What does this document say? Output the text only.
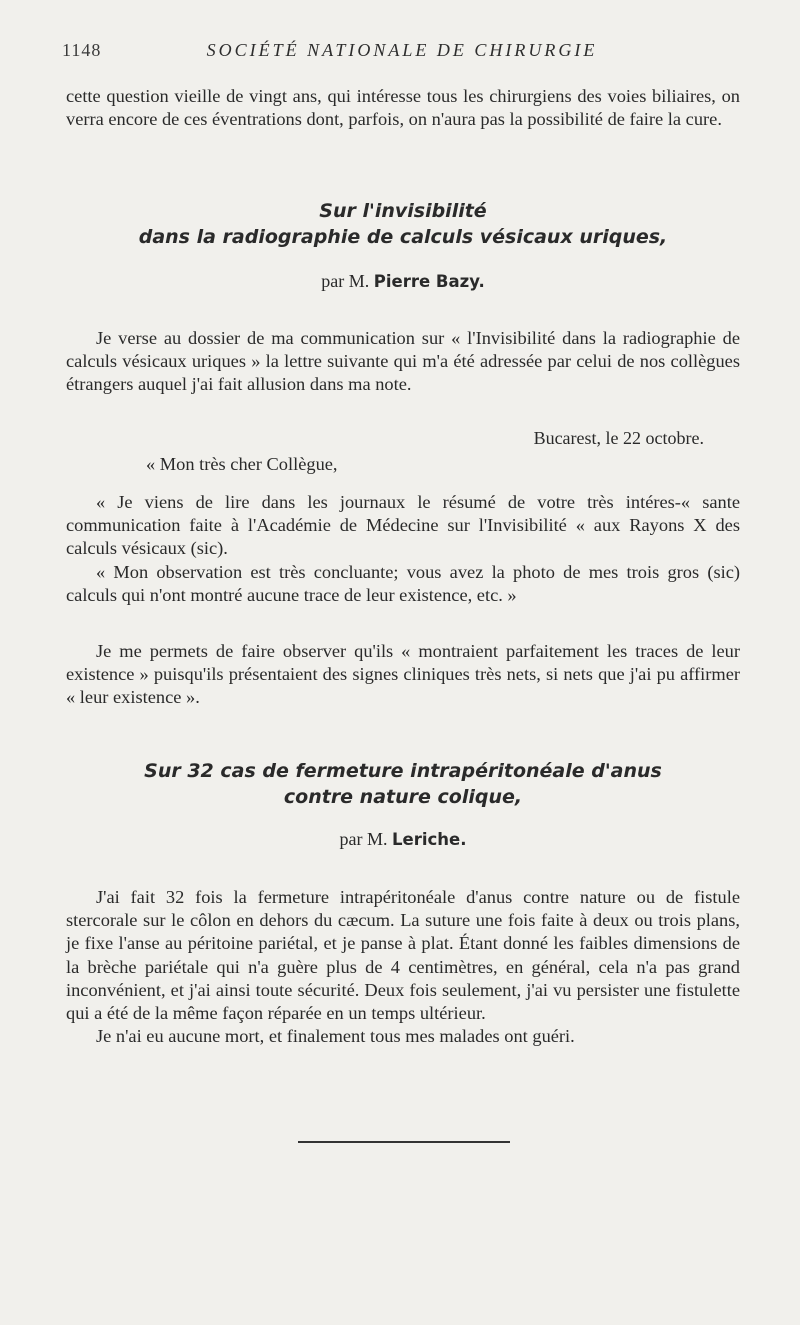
1148	SOCIÉTÉ NATIONALE DE CHIRURGIE

cette question vieille de vingt ans, qui intéresse tous les chirurgiens des voies biliaires, on verra encore de ces éventrations dont, parfois, on n'aura pas la possibilité de faire la cure.

Sur l'invisibilité
dans la radiographie de calculs vésicaux uriques,
par M. Pierre Bazy.

Je verse au dossier de ma communication sur « l'Invisibilité dans la radiographie de calculs vésicaux uriques » la lettre suivante qui m'a été adressée par celui de nos collègues étrangers auquel j'ai fait allusion dans ma note.

Bucarest, le 22 octobre.
« Mon très cher Collègue,

« Je viens de lire dans les journaux le résumé de votre très intéres-« sante communication faite à l'Académie de Médecine sur l'Invisibilité « aux Rayons X des calculs vésicaux (sic).

« Mon observation est très concluante; vous avez la photo de mes trois gros (sic) calculs qui n'ont montré aucune trace de leur existence, etc. »

Je me permets de faire observer qu'ils « montraient parfaitement les traces de leur existence » puisqu'ils présentaient des signes cliniques très nets, si nets que j'ai pu affirmer « leur existence ».

Sur 32 cas de fermeture intrapéritonéale d'anus
contre nature colique,
par M. Leriche.

J'ai fait 32 fois la fermeture intrapéritonéale d'anus contre nature ou de fistule stercorale sur le côlon en dehors du cæcum. La suture une fois faite à deux ou trois plans, je fixe l'anse au péritoine pariétal, et je panse à plat. Étant donné les faibles dimensions de la brèche pariétale qui n'a guère plus de 4 centimètres, en général, cela n'a pas grand inconvénient, et j'ai ainsi toute sécurité. Deux fois seulement, j'ai vu persister une fistulette qui a été de la même façon réparée en un temps ultérieur.

Je n'ai eu aucune mort, et finalement tous mes malades ont guéri.
